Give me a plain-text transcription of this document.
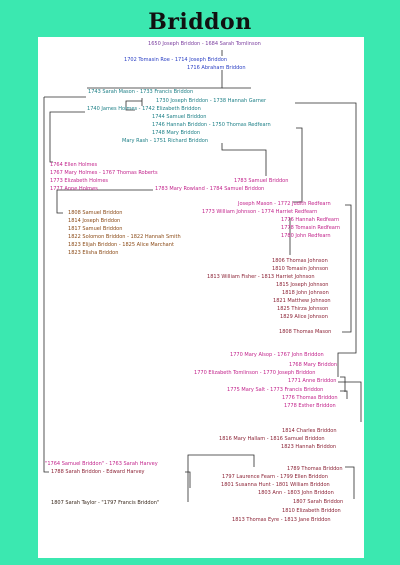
Briddon
1650 Joseph Briddon - 1684 Sarah Tomlinson
1702 Tomasin Roe - 1714 Joseph Briddon
1716 Abraham Briddon
1743 Sarah Mason - 1733 Francis Briddon
1730 Joseph Briddon - 1738 Hannah Garner
1740 James Holmes - 1742 Elizabeth Briddon
1744 Samuel Briddon
1746 Hannah Briddon - 1750 Thomas Redfearn
1748 Mary Briddon
Mary Rash - 1751 Richard Briddon
1764 Ellen Holmes
1767 Mary Holmes - 1767 Thomas Roberts
1773 Elizabeth Holmes
1777 Anne Holmes
1783 Samuel Briddon
1783 Mary Rowland - 1784 Samuel Briddon
Joseph Mason - 1772 Judith Redfearn
1773 William Johnson - 1774 Harriet Redfearn
1776 Hannah Redfearn
1778 Tomasin Redfearn
1780 John Redfearn
1808 Samuel Briddon
1814 Joseph Briddon
1817 Samuel Briddon
1822 Solomon Briddon - 1822 Hannah Smith
1823 Elijah Briddon - 1825 Alice Marchant
1823 Elisha Briddon
1806 Thomas Johnson
1810 Tomasin Johnson
1813 William Fisher - 1813 Harriet Johnson
1815 Joseph Johnson
1818 John Johnson
1821 Matthew Johnson
1825 Thirza Johnson
1829 Alice Johnson
1808 Thomas Mason
1770 Mary Alsop - 1767 John Briddon
1768 Mary Briddon
1770 Elizabeth Tomlinson - 1770 Joseph Briddon
1771 Anne Briddon
1775 Mary Salt - 1773 Francis Briddon
1776 Thomas Briddon
1778 Esther Briddon
1814 Charles Briddon
1816 Mary Hallam - 1816 Samuel Briddon
1823 Hannah Briddon
"1764 Samuel Briddon" - 1763 Sarah Harvey
1788 Sarah Briddon - Edward Harvey
1807 Sarah Taylor - "1797 Francis Briddon"
1789 Thomas Briddon
1797 Laurence Fearn - 1799 Ellen Briddon
1801 Susanna Hunt - 1801 William Briddon
1803 Ann - 1803 John Briddon
1807 Sarah Briddon
1810 Elizabeth Briddon
1813 Thomas Eyre - 1813 Jane Briddon
